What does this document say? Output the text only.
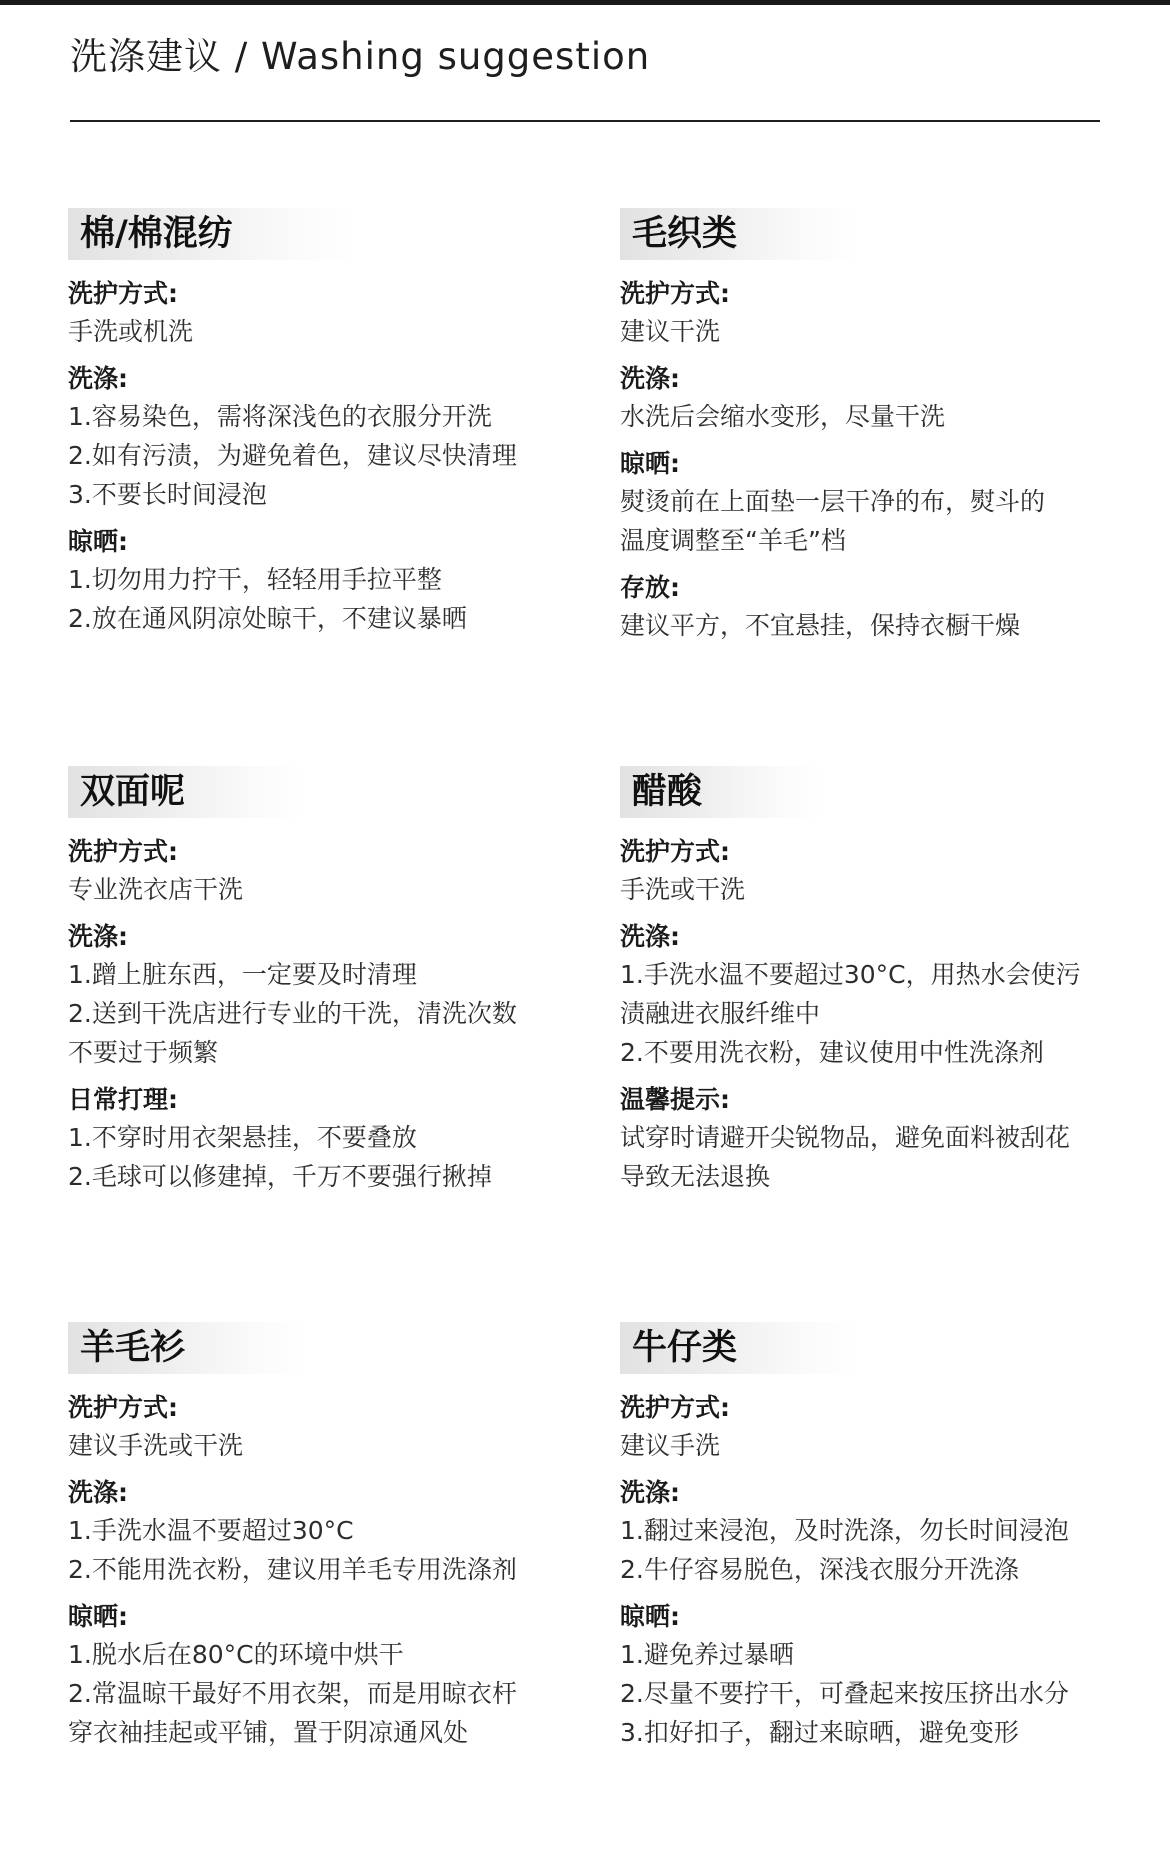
洗涤建议 / Washing suggestion
棉/棉混纺
洗护方式:
手洗或机洗
洗涤:
1.容易染色，需将深浅色的衣服分开洗
2.如有污渍，为避免着色，建议尽快清理
3.不要长时间浸泡
晾晒:
1.切勿用力拧干，轻轻用手拉平整
2.放在通风阴凉处晾干，不建议暴晒
毛织类
洗护方式:
建议干洗
洗涤:
水洗后会缩水变形，尽量干洗
晾晒:
熨烫前在上面垫一层干净的布，熨斗的
温度调整至“羊毛”档
存放:
建议平方，不宜悬挂，保持衣橱干燥
双面呢
洗护方式:
专业洗衣店干洗
洗涤:
1.蹭上脏东西，一定要及时清理
2.送到干洗店进行专业的干洗，清洗次数
不要过于频繁
日常打理:
1.不穿时用衣架悬挂，不要叠放
2.毛球可以修建掉，千万不要强行揪掉
醋酸
洗护方式:
手洗或干洗
洗涤:
1.手洗水温不要超过30°C，用热水会使污
渍融进衣服纤维中
2.不要用洗衣粉，建议使用中性洗涤剂
温馨提示:
试穿时请避开尖锐物品，避免面料被刮花
导致无法退换
羊毛衫
洗护方式:
建议手洗或干洗
洗涤:
1.手洗水温不要超过30°C
2.不能用洗衣粉，建议用羊毛专用洗涤剂
晾晒:
1.脱水后在80°C的环境中烘干
2.常温晾干最好不用衣架，而是用晾衣杆
穿衣袖挂起或平铺，置于阴凉通风处
牛仔类
洗护方式:
建议手洗
洗涤:
1.翻过来浸泡，及时洗涤，勿长时间浸泡
2.牛仔容易脱色，深浅衣服分开洗涤
晾晒:
1.避免养过暴晒
2.尽量不要拧干，可叠起来按压挤出水分
3.扣好扣子，翻过来晾晒，避免变形
